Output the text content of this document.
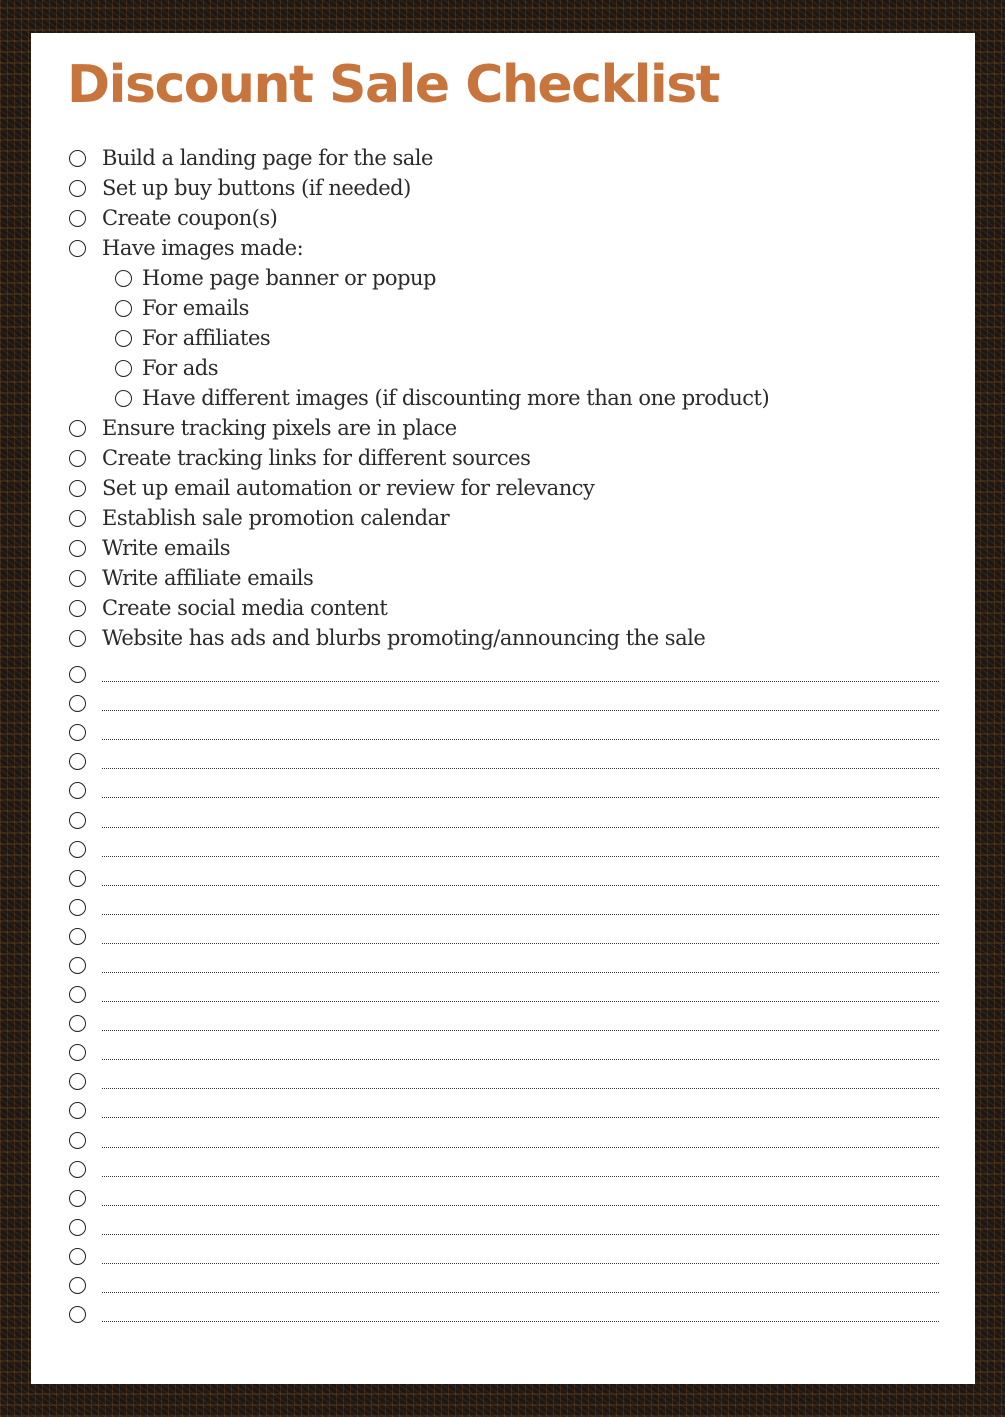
Discount Sale Checklist
Build a landing page for the sale
Set up buy buttons (if needed)
Create coupon(s)
Have images made:
Home page banner or popup
For emails
For affiliates
For ads
Have different images (if discounting more than one product)
Ensure tracking pixels are in place
Create tracking links for different sources
Set up email automation or review for relevancy
Establish sale promotion calendar
Write emails
Write affiliate emails
Create social media content
Website has ads and blurbs promoting/announcing the sale
